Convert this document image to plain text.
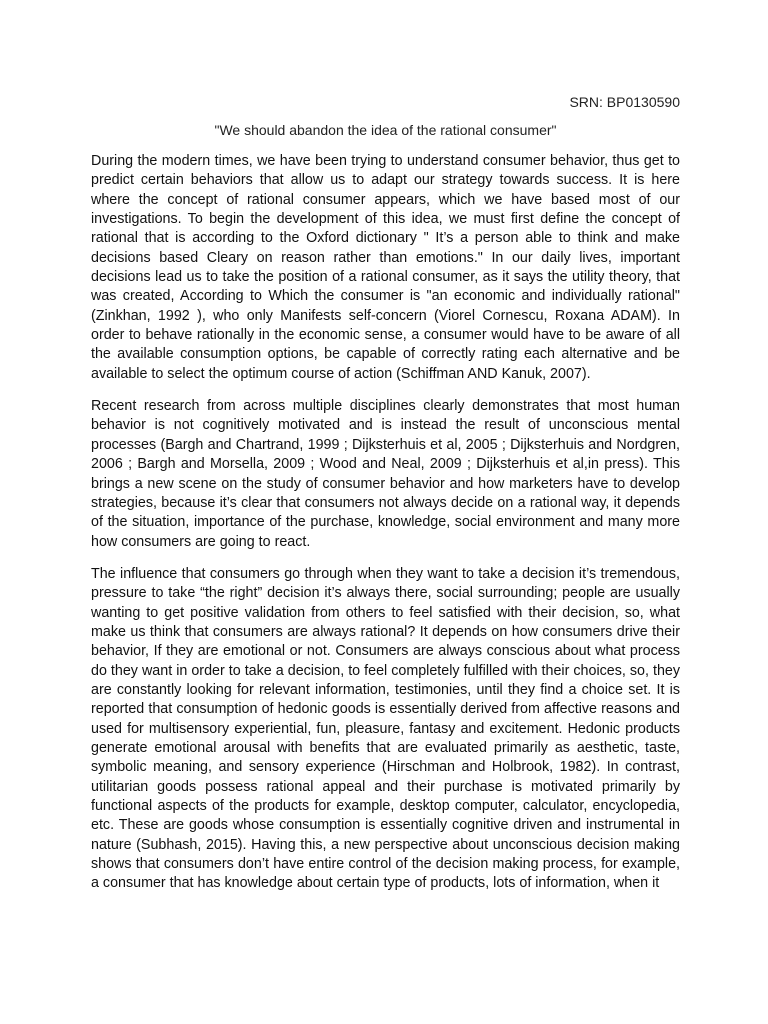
SRN: BP0130590
"We should abandon the idea of the rational consumer"

During the modern times, we have been trying to understand consumer behavior, thus get to predict certain behaviors that allow us to adapt our strategy towards success. It is here where the concept of rational consumer appears, which we have based most of our investigations. To begin the development of this idea, we must first define the concept of rational that is according to the Oxford dictionary " It’s a person able to think and make decisions based Cleary on reason rather than emotions." In our daily lives, important decisions lead us to take the position of a rational consumer, as it says the utility theory, that was created, According to Which the consumer is "an economic and individually rational" (Zinkhan, 1992 ), who only Manifests self-concern (Viorel Cornescu, Roxana ADAM). In order to behave rationally in the economic sense, a consumer would have to be aware of all the available consumption options, be capable of correctly rating each alternative and be available to select the optimum course of action (Schiffman AND Kanuk, 2007).

Recent research from across multiple disciplines clearly demonstrates that most human behavior is not cognitively motivated and is instead the result of unconscious mental processes (Bargh and Chartrand, 1999 ; Dijksterhuis et al, 2005 ; Dijksterhuis and Nordgren, 2006 ; Bargh and Morsella, 2009 ; Wood and Neal, 2009 ; Dijksterhuis et al,in press). This brings a new scene on the study of consumer behavior and how marketers have to develop strategies, because it’s clear that consumers not always decide on a rational way, it depends of the situation, importance of the purchase, knowledge, social environment and many more how consumers are going to react.

The influence that consumers go through when they want to take a decision it’s tremendous, pressure to take “the right” decision it’s always there, social surrounding; people are usually wanting to get positive validation from others to feel satisfied with their decision, so, what make us think that consumers are always rational? It depends on how consumers drive their behavior, If they are emotional or not. Consumers are always conscious about what process do they want in order to take a decision, to feel completely fulfilled with their choices, so, they are constantly looking for relevant information, testimonies, until they find a choice set. It is reported that consumption of hedonic goods is essentially derived from affective reasons and used for multisensory experiential, fun, pleasure, fantasy and excitement. Hedonic products generate emotional arousal with benefits that are evaluated primarily as aesthetic, taste, symbolic meaning, and sensory experience (Hirschman and Holbrook, 1982). In contrast, utilitarian goods possess rational appeal and their purchase is motivated primarily by functional aspects of the products for example, desktop computer, calculator, encyclopedia, etc. These are goods whose consumption is essentially cognitive driven and instrumental in nature (Subhash, 2015). Having this, a new perspective about unconscious decision making shows that consumers don’t have entire control of the decision making process, for example, a consumer that has knowledge about certain type of products, lots of information, when it
